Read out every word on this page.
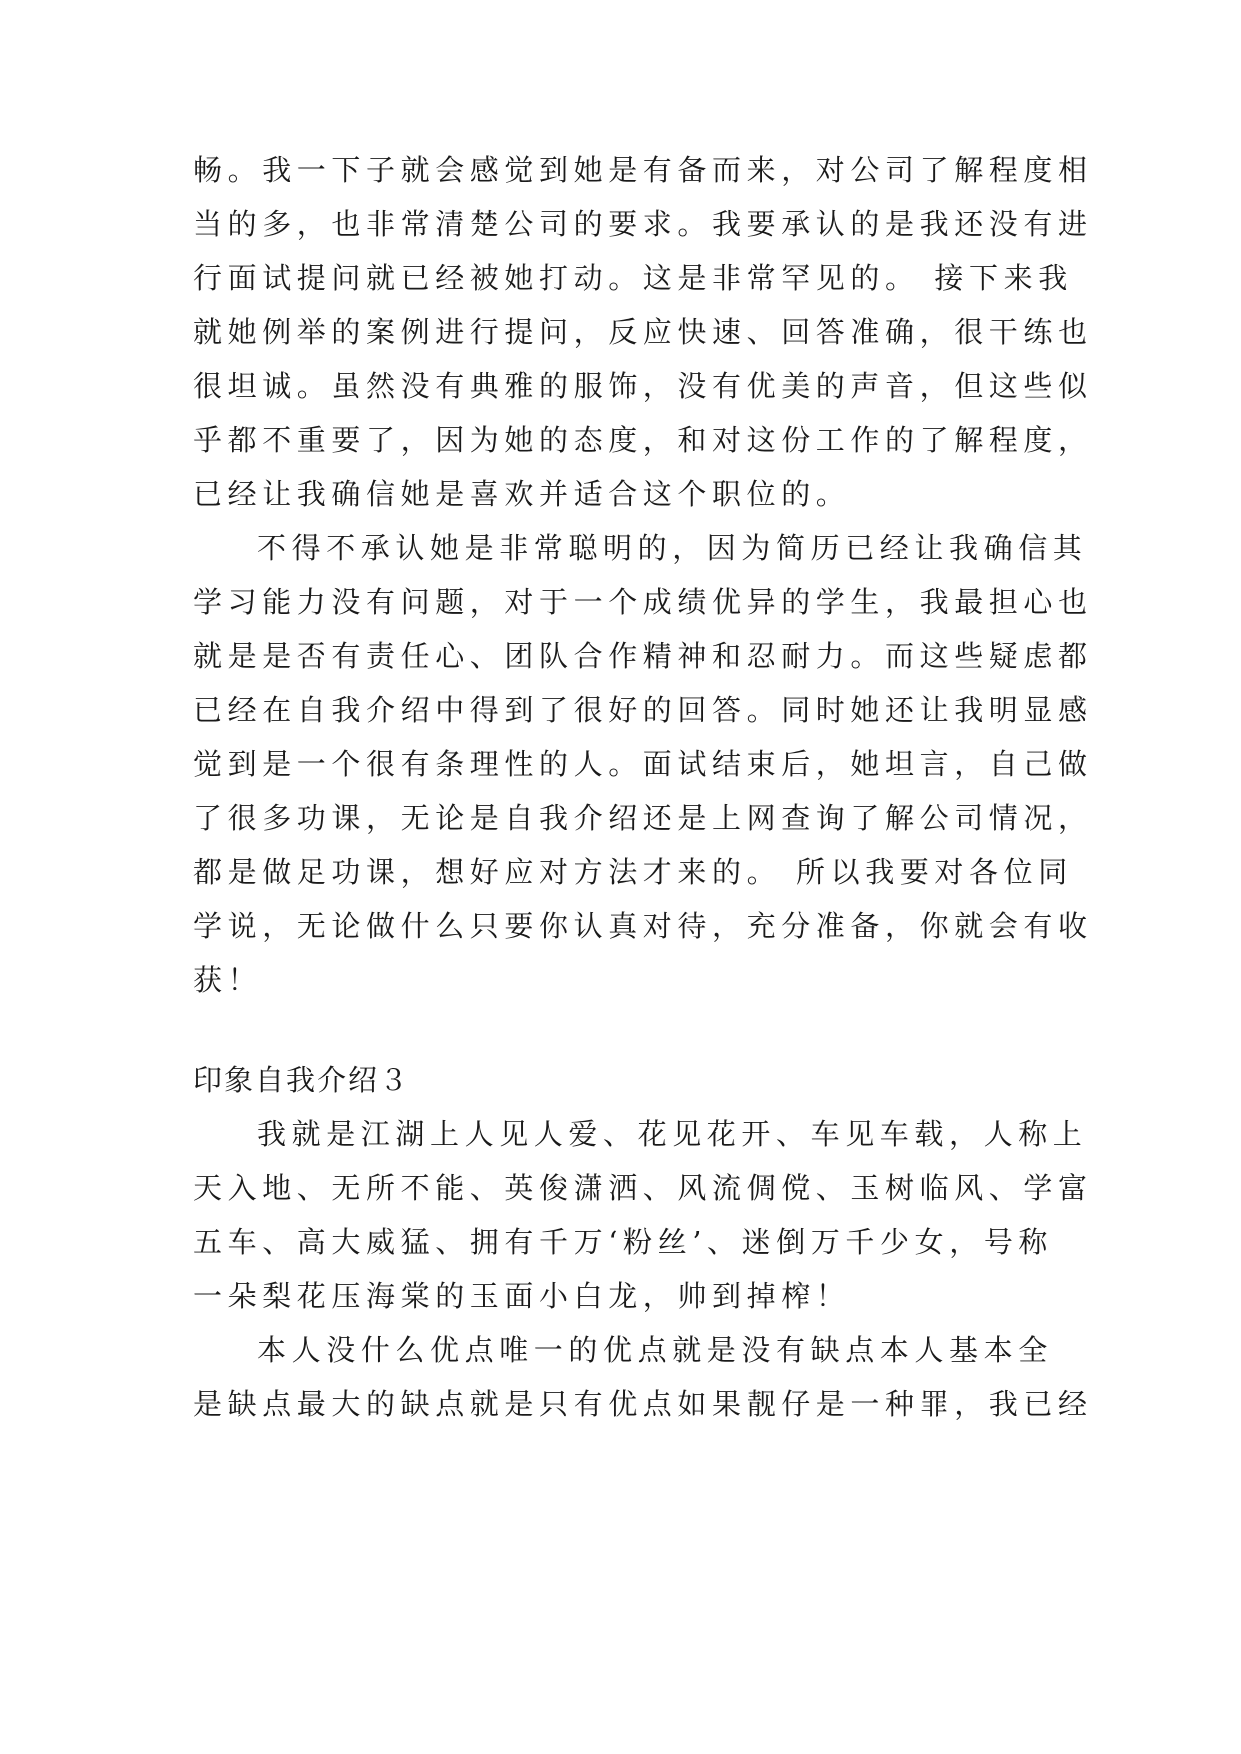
畅。我一下子就会感觉到她是有备而来，对公司了解程度相

当的多，也非常清楚公司的要求。我要承认的是我还没有进

行面试提问就已经被她打动。这是非常罕见的。 接下来我

就她例举的案例进行提问，反应快速、回答准确，很干练也

很坦诚。虽然没有典雅的服饰，没有优美的声音，但这些似

乎都不重要了，因为她的态度，和对这份工作的了解程度，

已经让我确信她是喜欢并适合这个职位的。

不得不承认她是非常聪明的，因为简历已经让我确信其

学习能力没有问题，对于一个成绩优异的学生，我最担心也

就是是否有责任心、团队合作精神和忍耐力。而这些疑虑都

已经在自我介绍中得到了很好的回答。同时她还让我明显感

觉到是一个很有条理性的人。面试结束后，她坦言，自己做

了很多功课，无论是自我介绍还是上网查询了解公司情况，

都是做足功课，想好应对方法才来的。 所以我要对各位同

学说，无论做什么只要你认真对待，充分准备，你就会有收

获！

印象自我介绍３

我就是江湖上人见人爱、花见花开、车见车载，人称上

天入地、无所不能、英俊潇洒、风流倜傥、玉树临风、学富

五车、高大威猛、拥有千万‘粉丝’、迷倒万千少女，号称

一朵梨花压海棠的玉面小白龙，帅到掉榨！

本人没什么优点唯一的优点就是没有缺点本人基本全

是缺点最大的缺点就是只有优点如果靓仔是一种罪，我已经
